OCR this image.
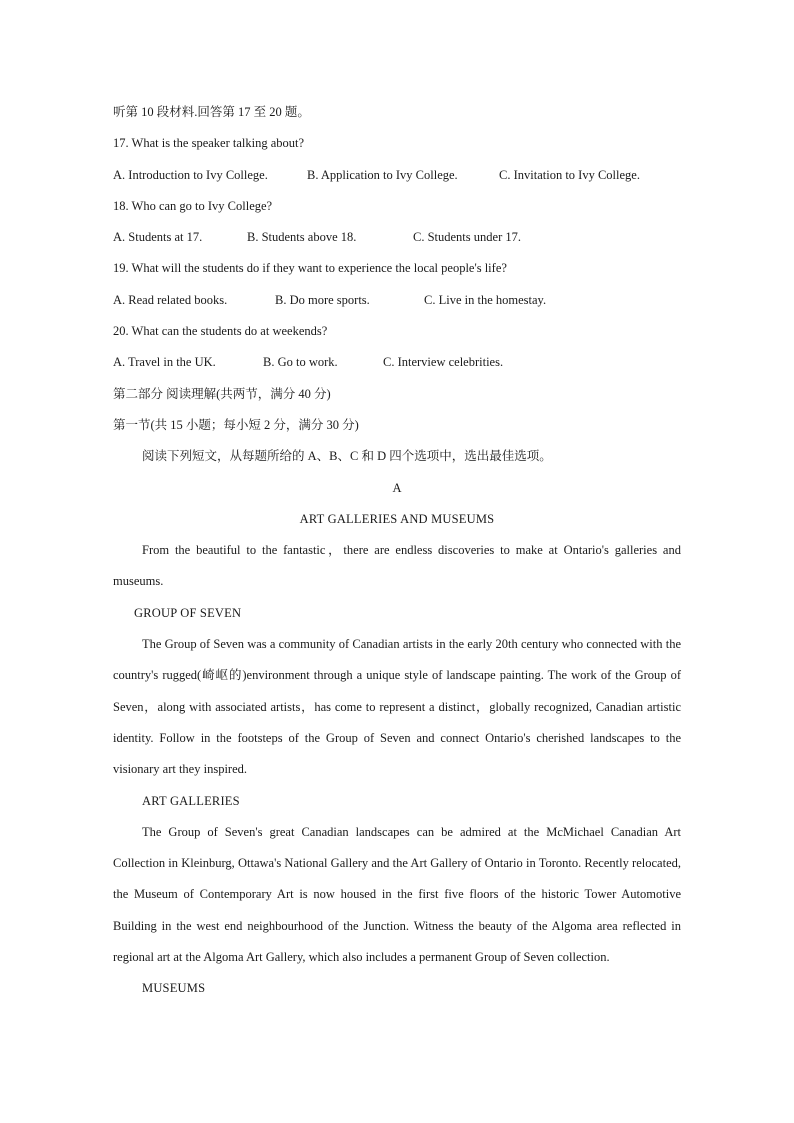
听第 10 段材料.回答第 17 至 20 题。
17. What is the speaker talking about?
A. Introduction to Ivy College.	B. Application to Ivy College.	C. Invitation to Ivy College.
18. Who can go to Ivy College?
A. Students at 17.	B. Students above 18.	C. Students under 17.
19. What will the students do if they want to experience the local people's life?
A. Read related books.	B. Do more sports.	C. Live in the homestay.
20. What can the students do at weekends?
A. Travel in the UK.	B. Go to work.	C. Interview celebrities.
第二部分 阅读理解(共两节，满分 40 分)
第一节(共 15 小题；每小短 2 分，满分 30 分)
阅读下列短文，从每题所给的 A、B、C 和 D 四个选项中，选出最佳选项。
A
ART GALLERIES AND MUSEUMS
From the beautiful to the fantastic，there are endless discoveries to make at Ontario's galleries and museums.
GROUP OF SEVEN
The Group of Seven was a community of Canadian artists in the early 20th century who connected with the country's rugged(崎岖的)environment through a unique style of landscape painting. The work of the Group of Seven，along with associated artists，has come to represent a distinct，globally recognized, Canadian artistic identity. Follow in the footsteps of the Group of Seven and connect Ontario's cherished landscapes to the visionary art they inspired.
ART GALLERIES
The Group of Seven's great Canadian landscapes can be admired at the McMichael Canadian Art Collection in Kleinburg, Ottawa's National Gallery and the Art Gallery of Ontario in Toronto. Recently relocated, the Museum of Contemporary Art is now housed in the first five floors of the historic Tower Automotive Building in the west end neighbourhood of the Junction. Witness the beauty of the Algoma area reflected in regional art at the Algoma Art Gallery, which also includes a permanent Group of Seven collection.
MUSEUMS
